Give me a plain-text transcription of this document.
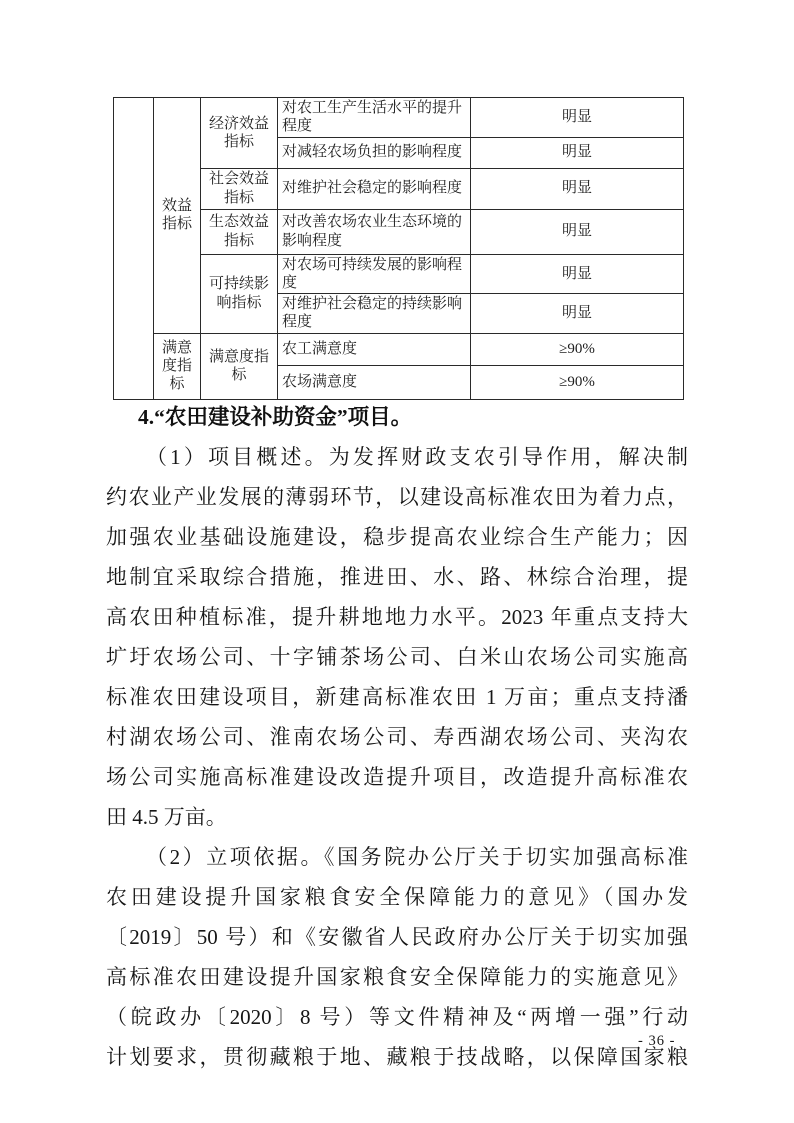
	效益指标	经济效益指标	对农工生产生活水平的提升程度	明显
			对减轻农场负担的影响程度	明显
		社会效益指标	对维护社会稳定的影响程度	明显
		生态效益指标	对改善农场农业生态环境的影响程度	明显
		可持续影响指标	对农场可持续发展的影响程度	明显
			对维护社会稳定的持续影响程度	明显
	满意度指标	满意度指标	农工满意度	≥90%
			农场满意度	≥90%
4.“农田建设补助资金”项目。
（1）项目概述。为发挥财政支农引导作用，解决制
约农业产业发展的薄弱环节，以建设高标准农田为着力点，
加强农业基础设施建设，稳步提高农业综合生产能力；因
地制宜采取综合措施，推进田、水、路、林综合治理，提
高农田种植标准，提升耕地地力水平。2023 年重点支持大
圹圩农场公司、十字铺茶场公司、白米山农场公司实施高
标准农田建设项目，新建高标准农田 1 万亩；重点支持潘
村湖农场公司、淮南农场公司、寿西湖农场公司、夹沟农
场公司实施高标准建设改造提升项目，改造提升高标准农
田 4.5 万亩。
（2）立项依据。《国务院办公厅关于切实加强高标准
农田建设提升国家粮食安全保障能力的意见》（国办发
〔2019〕50 号）和《安徽省人民政府办公厅关于切实加强
高标准农田建设提升国家粮食安全保障能力的实施意见》
（皖政办〔2020〕8 号）等文件精神及“两增一强”行动
计划要求，贯彻藏粮于地、藏粮于技战略，以保障国家粮
- 36 -
